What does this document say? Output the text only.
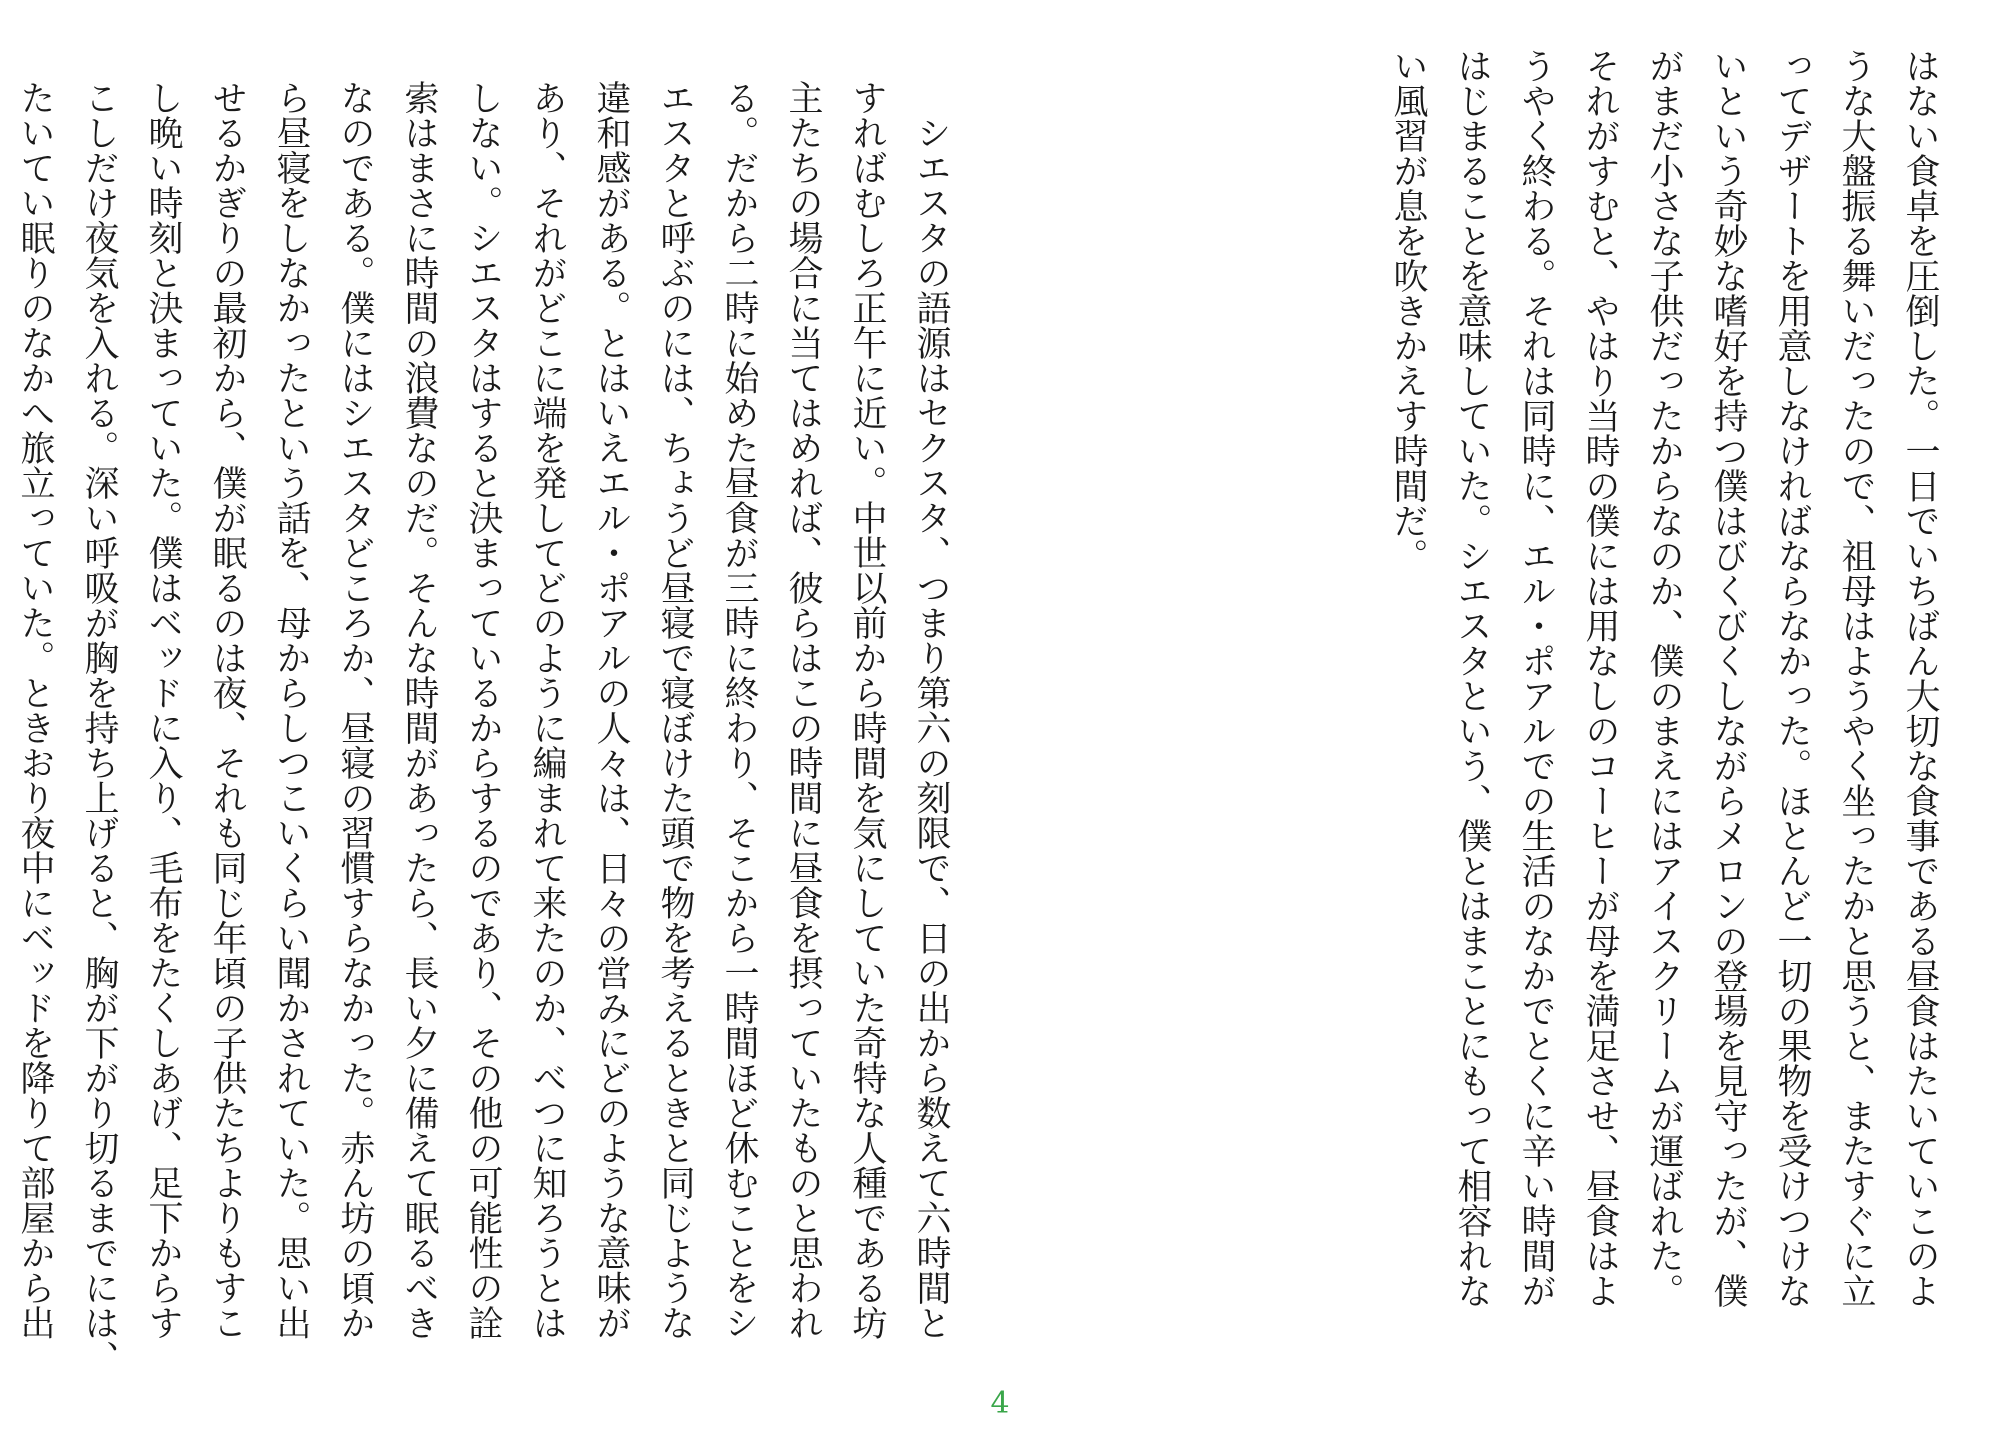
はない食卓を圧倒した。一日でいちばん大切な食事である昼食はたいていこのよ

うな大盤振る舞いだったので、祖母はようやく坐ったかと思うと、またすぐに立

ってデザートを用意しなければならなかった。ほとんど一切の果物を受けつけな

いという奇妙な嗜好を持つ僕はびくびくしながらメロンの登場を見守ったが、僕

がまだ小さな子供だったからなのか、僕のまえにはアイスクリームが運ばれた。

それがすむと、やはり当時の僕には用なしのコーヒーが母を満足させ、昼食はよ

うやく終わる。それは同時に、エル・ポアルでの生活のなかでとくに辛い時間が

はじまることを意味していた。シエスタという、僕とはまことにもって相容れな

い風習が息を吹きかえす時間だ。

シエスタの語源はセクスタ、つまり第六の刻限で、日の出から数えて六時間と

すればむしろ正午に近い。中世以前から時間を気にしていた奇特な人種である坊

主たちの場合に当てはめれば、彼らはこの時間に昼食を摂っていたものと思われ

る。だから二時に始めた昼食が三時に終わり、そこから一時間ほど休むことをシ

エスタと呼ぶのには、ちょうど昼寝で寝ぼけた頭で物を考えるときと同じような

違和感がある。とはいえエル・ポアルの人々は、日々の営みにどのような意味が

あり、それがどこに端を発してどのように編まれて来たのか、べつに知ろうとは

しない。シエスタはすると決まっているからするのであり、その他の可能性の詮

索はまさに時間の浪費なのだ。そんな時間があったら、長い夕に備えて眠るべき

なのである。僕にはシエスタどころか、昼寝の習慣すらなかった。赤ん坊の頃か

ら昼寝をしなかったという話を、母からしつこいくらい聞かされていた。思い出

せるかぎりの最初から、僕が眠るのは夜、それも同じ年頃の子供たちよりもすこ

し晩い時刻と決まっていた。僕はベッドに入り、毛布をたくしあげ、足下からす

こしだけ夜気を入れる。深い呼吸が胸を持ち上げると、胸が下がり切るまでには、

たいてい眠りのなかへ旅立っていた。ときおり夜中にベッドを降りて部屋から出

4
